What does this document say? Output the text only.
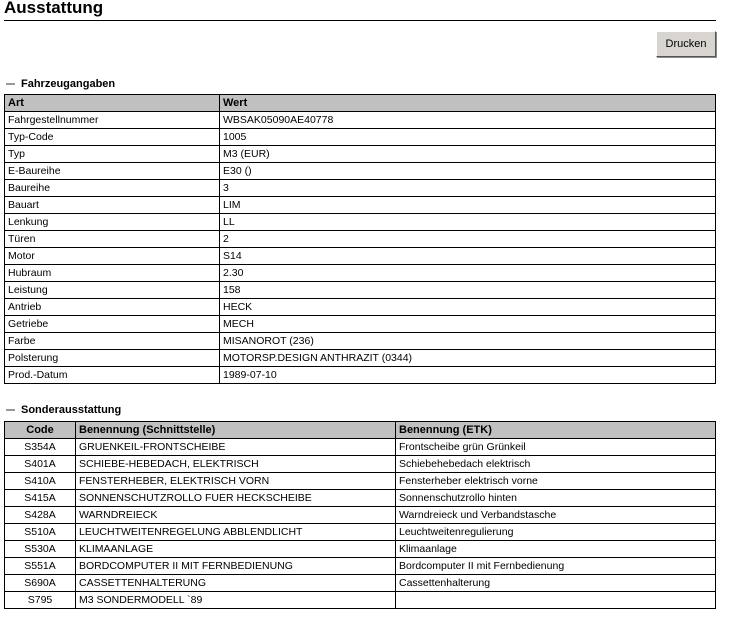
Ausstattung
Drucken
Fahrzeugangaben
Art	Wert
Fahrgestellnummer	WBSAK05090AE40778
Typ-Code	1005
Typ	M3 (EUR)
E-Baureihe	E30 ()
Baureihe	3
Bauart	LIM
Lenkung	LL
Türen	2
Motor	S14
Hubraum	2.30
Leistung	158
Antrieb	HECK
Getriebe	MECH
Farbe	MISANOROT (236)
Polsterung	MOTORSP.DESIGN ANTHRAZIT (0344)
Prod.-Datum	1989-07-10
Sonderausstattung
Code	Benennung (Schnittstelle)	Benennung (ETK)
S354A	GRUENKEIL-FRONTSCHEIBE	Frontscheibe grün Grünkeil
S401A	SCHIEBE-HEBEDACH, ELEKTRISCH	Schiebehebedach elektrisch
S410A	FENSTERHEBER, ELEKTRISCH VORN	Fensterheber elektrisch vorne
S415A	SONNENSCHUTZROLLO FUER HECKSCHEIBE	Sonnenschutzrollo hinten
S428A	WARNDREIECK	Warndreieck und Verbandstasche
S510A	LEUCHTWEITENREGELUNG ABBLENDLICHT	Leuchtweitenregulierung
S530A	KLIMAANLAGE	Klimaanlage
S551A	BORDCOMPUTER II MIT FERNBEDIENUNG	Bordcomputer II mit Fernbedienung
S690A	CASSETTENHALTERUNG	Cassettenhalterung
S795	M3 SONDERMODELL `89	
